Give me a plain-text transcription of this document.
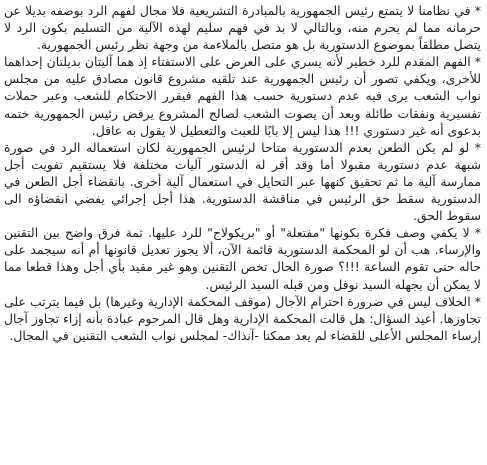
* في نظامنا لا يتمتع رئيس الجمهورية بالمبادرة التشريعية فلا مجال لفهم الرد بوصفه بديلا عن حرمانه مما لم يحرم منه، وبالتالي لا بد في فهم سليم لهذه الآلية من التسليم بكون الرد لا يتصل مطلقاً بموضوع الدستورية بل هو متصل بالملاءمة من وجهة نظر رئيس الجمهورية.

* الفهم المقدم للرد خطير لأنه يسري على العرض على الاستفتاء إذ هما آليتان بديلتان إحداهما للأخرى، ويكفي تصور أن رئيس الجمهورية عند تلقيه مشروع قانون مصادق عليه من مجلس نواب الشعب يرى فيه عدم دستورية حسب هذا الفهم فيقرر الاحتكام للشعب وعبر حملات تفسيرية ونفقات طائلة وبعد أن يصوت الشعب لصالح المشروع يرفض رئيس الجمهورية ختمه بدعوى أنه غير دستوري !!! هذا ليس إلا بابًا للعبث والتعطيل لا يقول به عاقل.

* لو لم يكن الطعن بعدم الدستورية متاحا لرئيس الجمهورية لكان استعماله الرد في صورة شبهة عدم دستورية مقبولا أما وقد أقر له الدستور آليات مختلفة فلا يستقيم تفويت أجل ممارسة آلية ما ثم تحقيق كنهها عبر التحايل في استعمال آلية أخرى. بانقضاء أجل الطعن في الدستورية سقط حق الرئيس في مناقشة الدستورية. هذا أجل إجرائي يفضي انقضاؤه الى سقوط الحق.

* لا يكفي وصف فكرة بكونها "مفتعلة" أو "بريكولاج" للرد عليها. ثمة فرق واضح بين التقنين والإرساء. هب أن لو المحكمة الدستورية قائمة الآن، ألا يجوز تعديل قانونها أم أنه سيجمد على حاله حتى تقوم الساعة !!!؟ صورة الحال تخص التقنين وهو غير مقيد بأي أجل وهذا قطعا مما لا يمكن أن يجهله السيد نوفل ومن قبله السيد الرئيس.

* الخلاف ليس في ضرورة احترام الآجال (موقف المحكمة الإدارية وغيرها) بل فيما يترتب على تجاوزها. أعيد السؤال: هل قالت المحكمة الإدارية وهل قال المرحوم عبادة بأنه إزاء تجاوز آجال إرساء المجلس الأعلى للقضاء لم يعد ممكنا -آنذاك- لمجلس نواب الشعب التقنين في المجال.
